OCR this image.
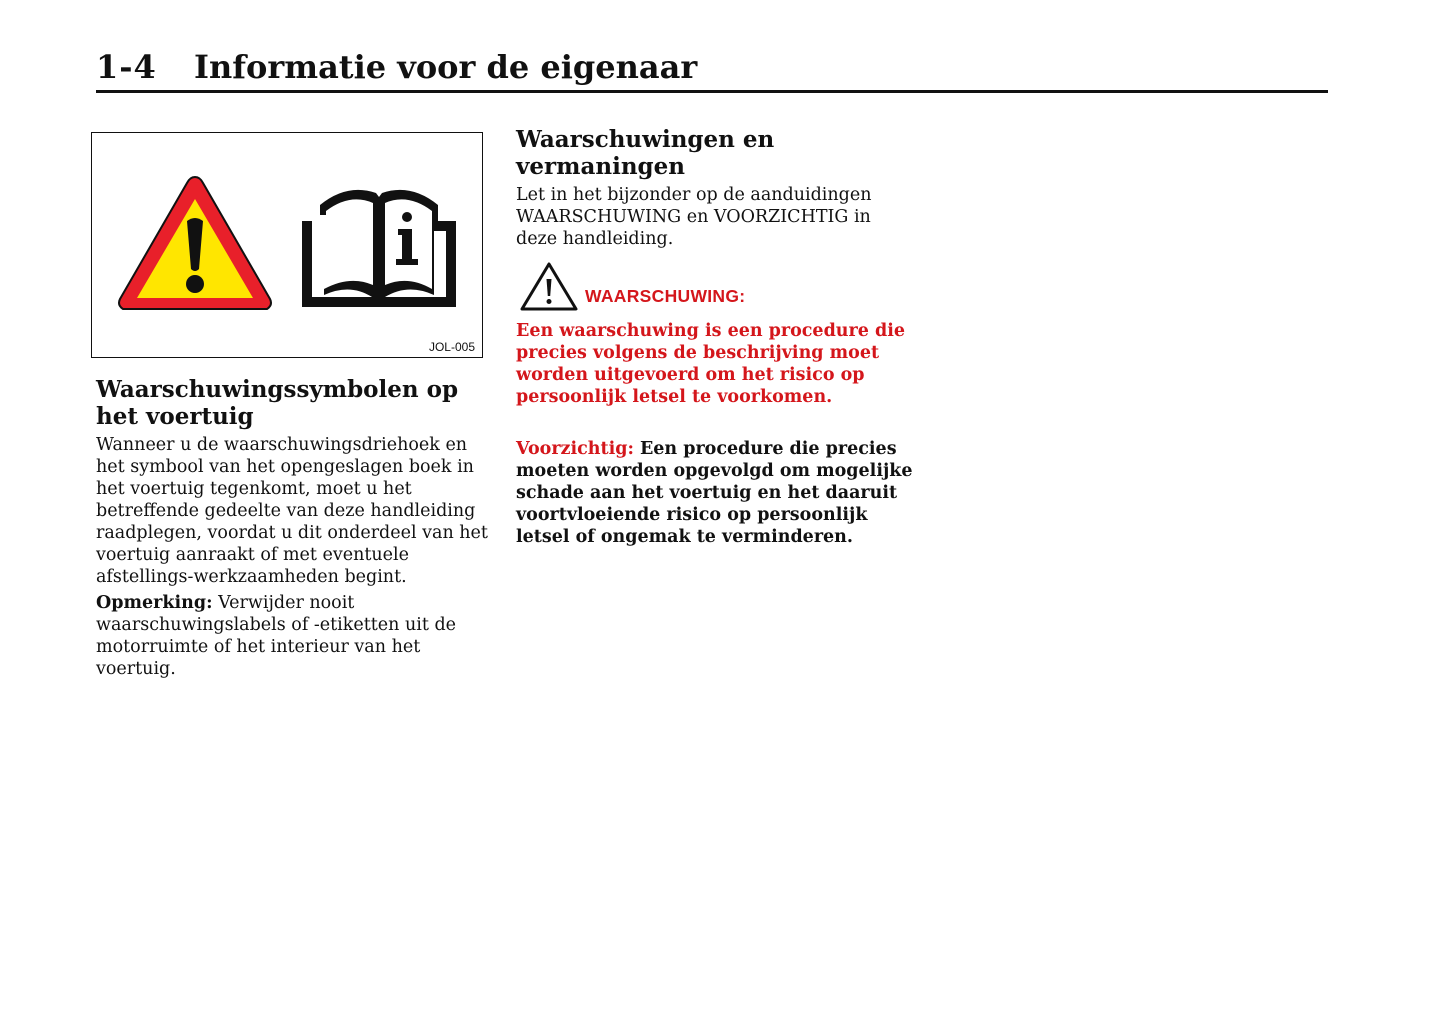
1-4 Informatie voor de eigenaar
JOL-005
Waarschuwingssymbolen op het voertuig

Wanneer u de waarschuwingsdriehoek en het symbool van het opengeslagen boek in het voertuig tegenkomt, moet u het betreffende gedeelte van deze handleiding raadplegen, voordat u dit onderdeel van het voertuig aanraakt of met eventuele afstellings-werkzaamheden begint.

Opmerking: Verwijder nooit waarschuwingslabels of -etiketten uit de motorruimte of het interieur van het voertuig.

Waarschuwingen en vermaningen

Let in het bijzonder op de aanduidingen WAARSCHUWING en VOORZICHTIG in deze handleiding.

WAARSCHUWING:
Een waarschuwing is een procedure die precies volgens de beschrijving moet worden uitgevoerd om het risico op persoonlijk letsel te voorkomen.
Voorzichtig: Een procedure die precies moeten worden opgevolgd om mogelijke schade aan het voertuig en het daaruit voortvloeiende risico op persoonlijk letsel of ongemak te verminderen.
